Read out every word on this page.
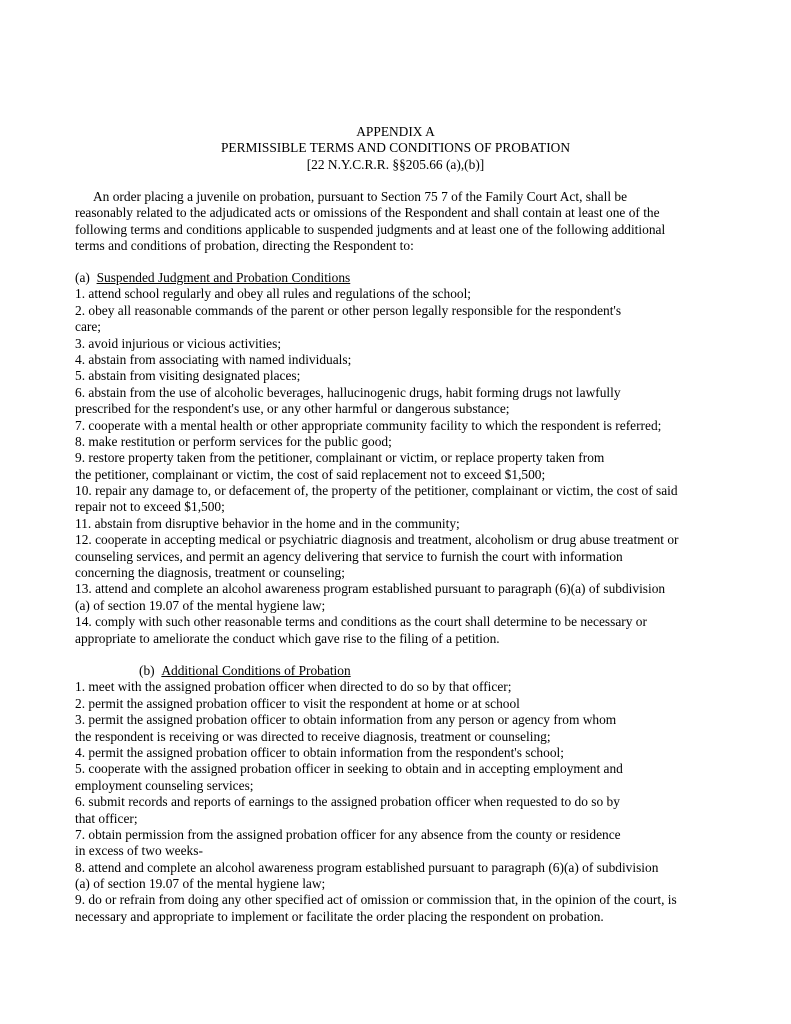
APPENDIX A
PERMISSIBLE TERMS AND CONDITIONS OF PROBATION
[22 N.Y.C.R.R. §§205.66 (a),(b)]
An order placing a juvenile on probation, pursuant to Section 75 7 of the Family Court Act, shall be
reasonably related to the adjudicated acts or omissions of the Respondent and shall contain at least one of the
following terms and conditions applicable to suspended judgments and at least one of the following additional
terms and conditions of probation, directing the Respondent to:
(a) Suspended Judgment and Probation Conditions
1. attend school regularly and obey all rules and regulations of the school;
2. obey all reasonable commands of the parent or other person legally responsible for the respondent's
care;
3. avoid injurious or vicious activities;
4. abstain from associating with named individuals;
5. abstain from visiting designated places;
6. abstain from the use of alcoholic beverages, hallucinogenic drugs, habit forming drugs not lawfully
prescribed for the respondent's use, or any other harmful or dangerous substance;
7. cooperate with a mental health or other appropriate community facility to which the respondent is referred;
8. make restitution or perform services for the public good;
9. restore property taken from the petitioner, complainant or victim, or replace property taken from
the petitioner, complainant or victim, the cost of said replacement not to exceed $1,500;
10. repair any damage to, or defacement of, the property of the petitioner, complainant or victim, the cost of said
repair not to exceed $1,500;
11. abstain from disruptive behavior in the home and in the community;
12. cooperate in accepting medical or psychiatric diagnosis and treatment, alcoholism or drug abuse treatment or
counseling services, and permit an agency delivering that service to furnish the court with information
concerning the diagnosis, treatment or counseling;
13. attend and complete an alcohol awareness program established pursuant to paragraph (6)(a) of subdivision
(a) of section 19.07 of the mental hygiene law;
14. comply with such other reasonable terms and conditions as the court shall determine to be necessary or
appropriate to ameliorate the conduct which gave rise to the filing of a petition.
(b) Additional Conditions of Probation
1. meet with the assigned probation officer when directed to do so by that officer;
2. permit the assigned probation officer to visit the respondent at home or at school
3. permit the assigned probation officer to obtain information from any person or agency from whom
the respondent is receiving or was directed to receive diagnosis, treatment or counseling;
4. permit the assigned probation officer to obtain information from the respondent's school;
5. cooperate with the assigned probation officer in seeking to obtain and in accepting employment and
employment counseling services;
6. submit records and reports of earnings to the assigned probation officer when requested to do so by
that officer;
7. obtain permission from the assigned probation officer for any absence from the county or residence
in excess of two weeks-
8. attend and complete an alcohol awareness program established pursuant to paragraph (6)(a) of subdivision
(a) of section 19.07 of the mental hygiene law;
9. do or refrain from doing any other specified act of omission or commission that, in the opinion of the court, is
necessary and appropriate to implement or facilitate the order placing the respondent on probation.
